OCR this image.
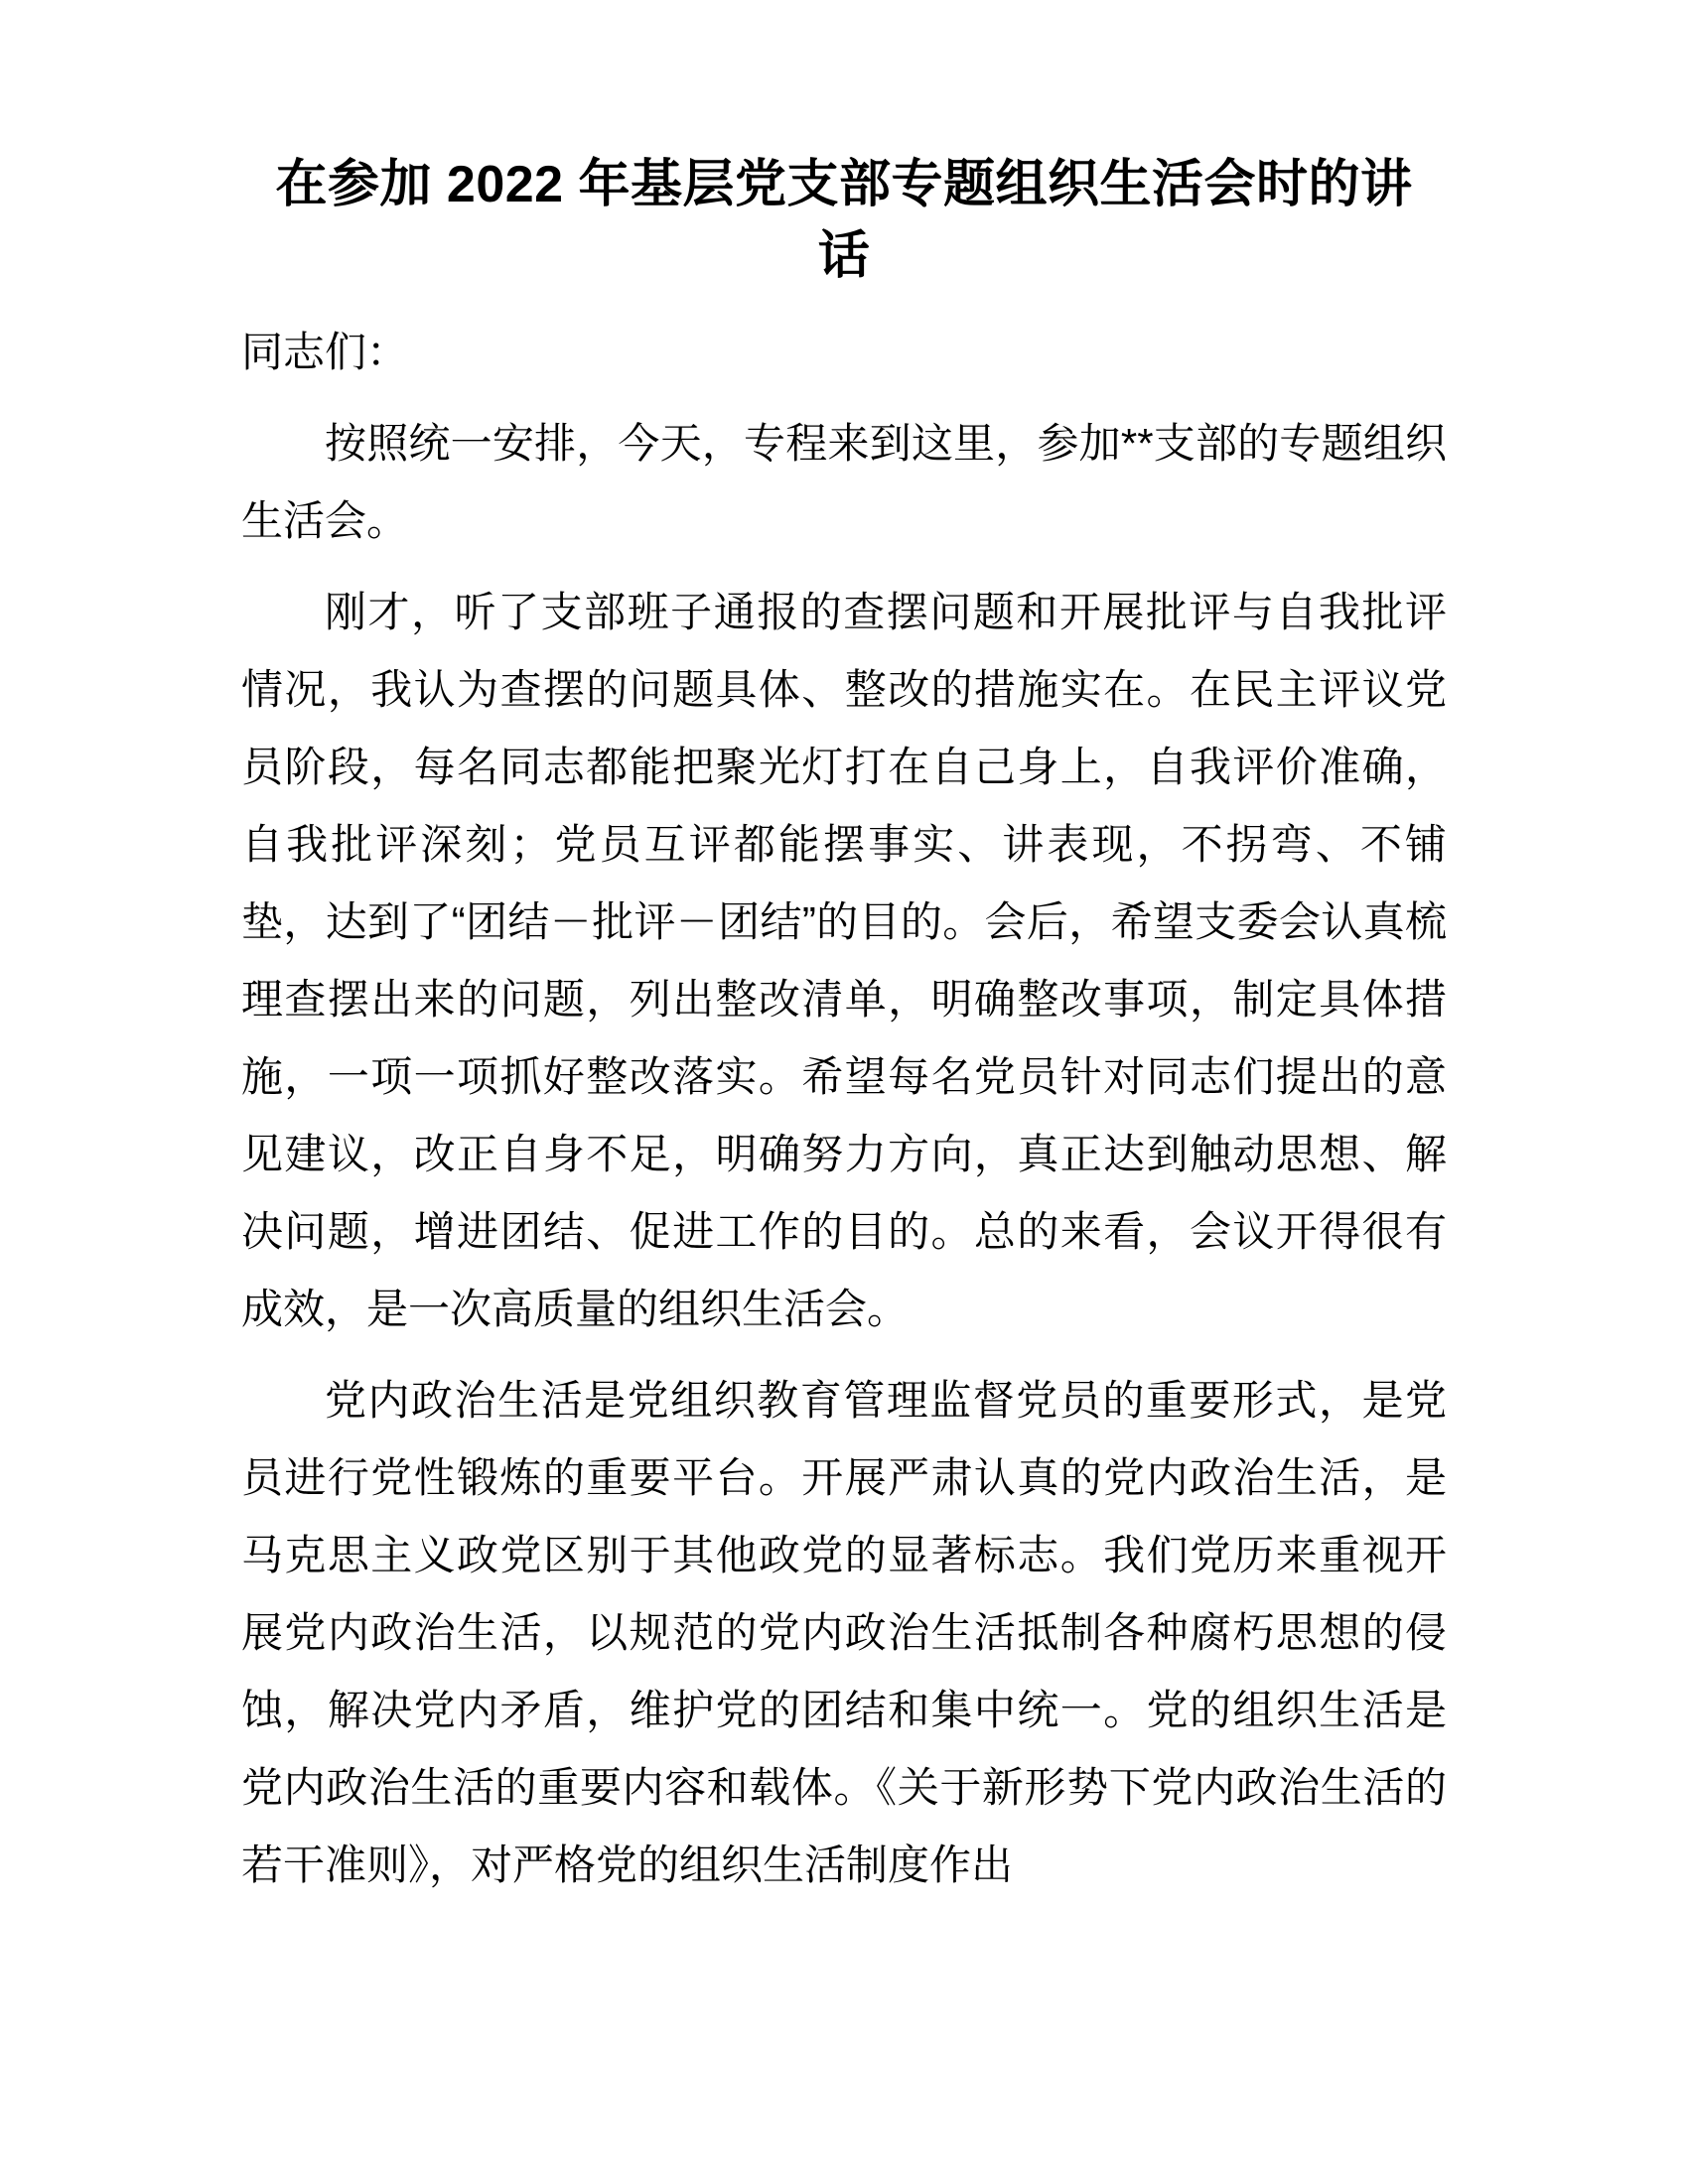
在参加 2022 年基层党支部专题组织生活会时的讲话

同志们：

按照统一安排，今天，专程来到这里，参加**支部的专题组织生活会。

刚才，听了支部班子通报的查摆问题和开展批评与自我批评情况，我认为查摆的问题具体、整改的措施实在。在民主评议党员阶段，每名同志都能把聚光灯打在自己身上，自我评价准确，自我批评深刻；党员互评都能摆事实、讲表现，不拐弯、不铺垫，达到了“团结－批评－团结”的目的。会后，希望支委会认真梳理查摆出来的问题，列出整改清单，明确整改事项，制定具体措施，一项一项抓好整改落实。希望每名党员针对同志们提出的意见建议，改正自身不足，明确努力方向，真正达到触动思想、解决问题，增进团结、促进工作的目的。总的来看，会议开得很有成效，是一次高质量的组织生活会。

党内政治生活是党组织教育管理监督党员的重要形式，是党员进行党性锻炼的重要平台。开展严肃认真的党内政治生活，是马克思主义政党区别于其他政党的显著标志。我们党历来重视开展党内政治生活，以规范的党内政治生活抵制各种腐朽思想的侵蚀，解决党内矛盾，维护党的团结和集中统一。党的组织生活是党内政治生活的重要内容和载体。《关于新形势下党内政治生活的若干准则》，对严格党的组织生活制度作出
